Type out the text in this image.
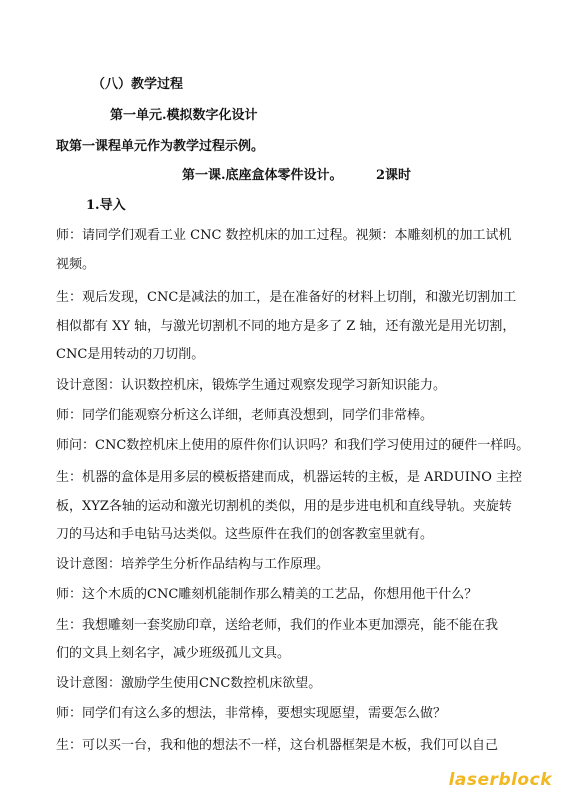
（八）教学过程
第一单元.模拟数字化设计
取第一课程单元作为教学过程示例。
第一课.底座盒体零件设计。	2课时
1.导入
师：请同学们观看工业 CNC 数控机床的加工过程。视频：本雕刻机的加工试机
视频。
生：观后发现，CNC是减法的加工，是在准备好的材料上切削，和激光切割加工
相似都有 XY 轴，与激光切割机不同的地方是多了 Z 轴，还有激光是用光切割，
CNC是用转动的刀切削。
设计意图：认识数控机床，锻炼学生通过观察发现学习新知识能力。
师：同学们能观察分析这么详细，老师真没想到，同学们非常棒。
师问：CNC数控机床上使用的原件你们认识吗？和我们学习使用过的硬件一样吗。
生：机器的盒体是用多层的模板搭建而成，机器运转的主板，是 ARDUINO 主控
板，XYZ各轴的运动和激光切割机的类似，用的是步进电机和直线导轨。夹旋转
刀的马达和手电钻马达类似。这些原件在我们的创客教室里就有。
设计意图：培养学生分析作品结构与工作原理。
师：这个木质的CNC雕刻机能制作那么精美的工艺品，你想用他干什么？
生：我想雕刻一套奖励印章，送给老师，我们的作业本更加漂亮，能不能在我
们的文具上刻名字，减少班级孤儿文具。
设计意图：激励学生使用CNC数控机床欲望。
师：同学们有这么多的想法，非常棒，要想实现愿望，需要怎么做？
生：可以买一台，我和他的想法不一样，这台机器框架是木板，我们可以自己
laserblock
